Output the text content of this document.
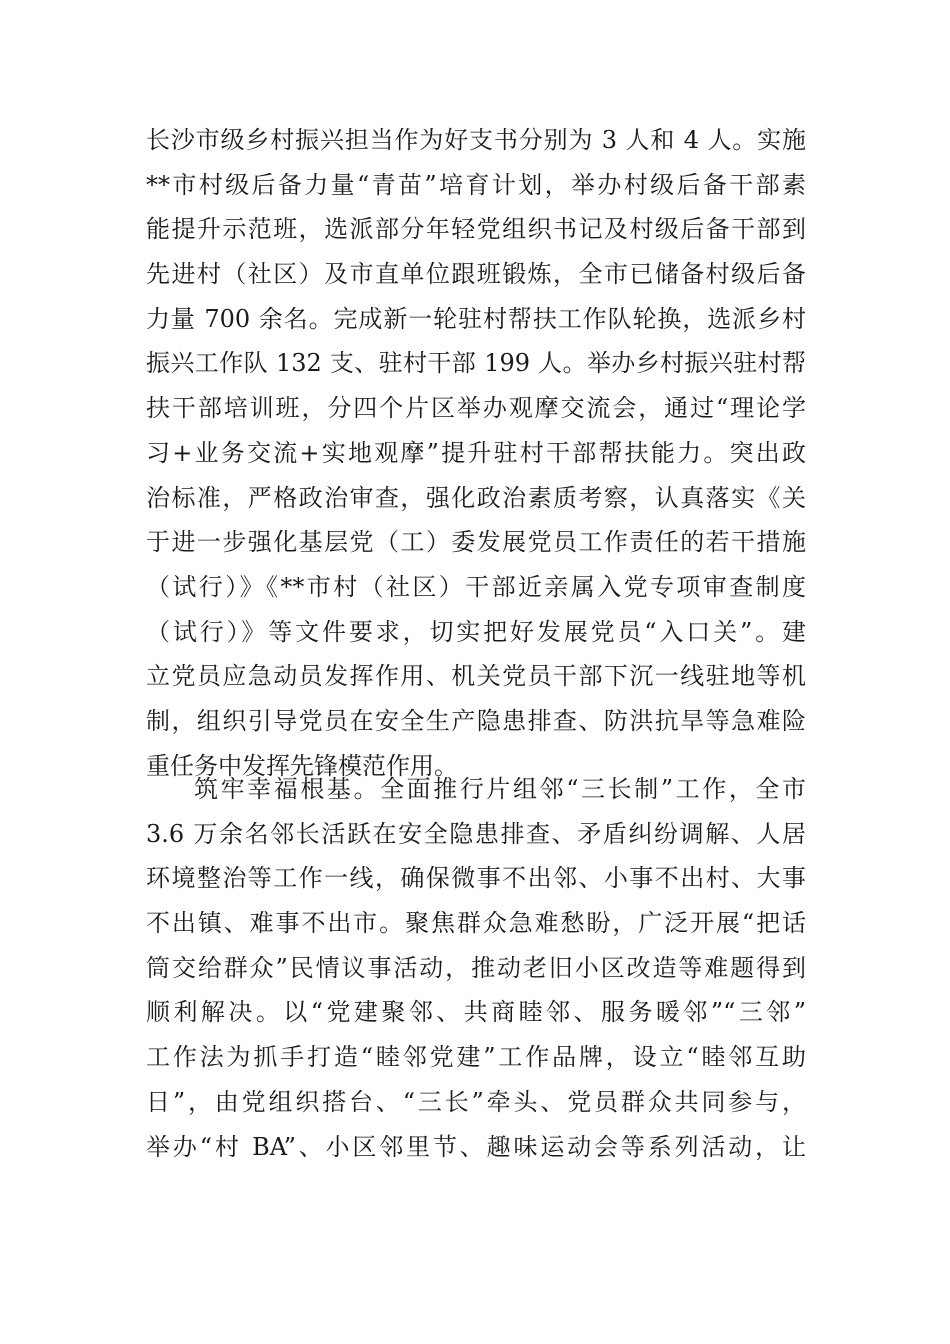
长沙市级乡村振兴担当作为好支书分别为 3 人和 4 人。实施
**市村级后备力量“青苗”培育计划，举办村级后备干部素
能提升示范班，选派部分年轻党组织书记及村级后备干部到
先进村（社区）及市直单位跟班锻炼，全市已储备村级后备
力量 700 余名。完成新一轮驻村帮扶工作队轮换，选派乡村
振兴工作队 132 支、驻村干部 199 人。举办乡村振兴驻村帮
扶干部培训班，分四个片区举办观摩交流会，通过“理论学
习+业务交流+实地观摩”提升驻村干部帮扶能力。突出政
治标准，严格政治审查，强化政治素质考察，认真落实《关
于进一步强化基层党（工）委发展党员工作责任的若干措施
（试行）》《**市村（社区）干部近亲属入党专项审查制度
（试行）》等文件要求，切实把好发展党员“入口关”。建
立党员应急动员发挥作用、机关党员干部下沉一线驻地等机
制，组织引导党员在安全生产隐患排查、防洪抗旱等急难险
重任务中发挥先锋模范作用。
筑牢幸福根基。全面推行片组邻“三长制”工作，全市
3.6 万余名邻长活跃在安全隐患排查、矛盾纠纷调解、人居
环境整治等工作一线，确保微事不出邻、小事不出村、大事
不出镇、难事不出市。聚焦群众急难愁盼，广泛开展“把话
筒交给群众”民情议事活动，推动老旧小区改造等难题得到
顺利解决。以“党建聚邻、共商睦邻、服务暖邻”“三邻”
工作法为抓手打造“睦邻党建”工作品牌，设立“睦邻互助
日”，由党组织搭台、“三长”牵头、党员群众共同参与，
举办“村 BA”、小区邻里节、趣味运动会等系列活动，让
